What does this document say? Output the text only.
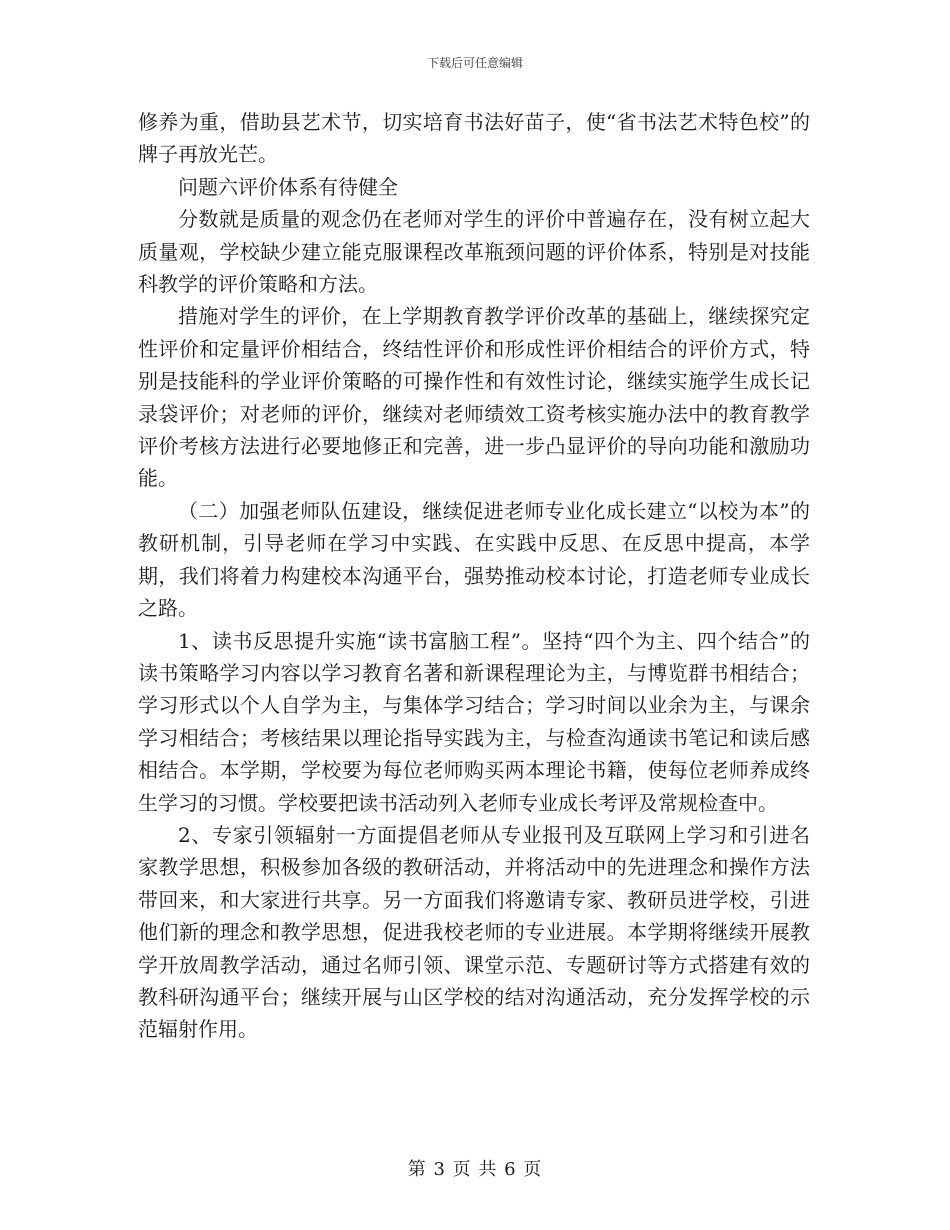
下载后可任意编辑

修养为重，借助县艺术节，切实培育书法好苗子，使“省书法艺术特色校”的牌子再放光芒。

问题六评价体系有待健全

分数就是质量的观念仍在老师对学生的评价中普遍存在，没有树立起大质量观，学校缺少建立能克服课程改革瓶颈问题的评价体系，特别是对技能科教学的评价策略和方法。

措施对学生的评价，在上学期教育教学评价改革的基础上，继续探究定性评价和定量评价相结合，终结性评价和形成性评价相结合的评价方式，特别是技能科的学业评价策略的可操作性和有效性讨论，继续实施学生成长记录袋评价；对老师的评价，继续对老师绩效工资考核实施办法中的教育教学评价考核方法进行必要地修正和完善，进一步凸显评价的导向功能和激励功能。

（二）加强老师队伍建设，继续促进老师专业化成长建立“以校为本”的教研机制，引导老师在学习中实践、在实践中反思、在反思中提高，本学期，我们将着力构建校本沟通平台，强势推动校本讨论，打造老师专业成长之路。

1、读书反思提升实施“读书富脑工程”。坚持“四个为主、四个结合”的读书策略学习内容以学习教育名著和新课程理论为主，与博览群书相结合；学习形式以个人自学为主，与集体学习结合；学习时间以业余为主，与课余学习相结合；考核结果以理论指导实践为主，与检查沟通读书笔记和读后感相结合。本学期，学校要为每位老师购买两本理论书籍，使每位老师养成终生学习的习惯。学校要把读书活动列入老师专业成长考评及常规检查中。

2、专家引领辐射一方面提倡老师从专业报刊及互联网上学习和引进名家教学思想，积极参加各级的教研活动，并将活动中的先进理念和操作方法带回来，和大家进行共享。另一方面我们将邀请专家、教研员进学校，引进他们新的理念和教学思想，促进我校老师的专业进展。本学期将继续开展教学开放周教学活动，通过名师引领、课堂示范、专题研讨等方式搭建有效的教科研沟通平台；继续开展与山区学校的结对沟通活动，充分发挥学校的示范辐射作用。

第 3 页 共 6 页
